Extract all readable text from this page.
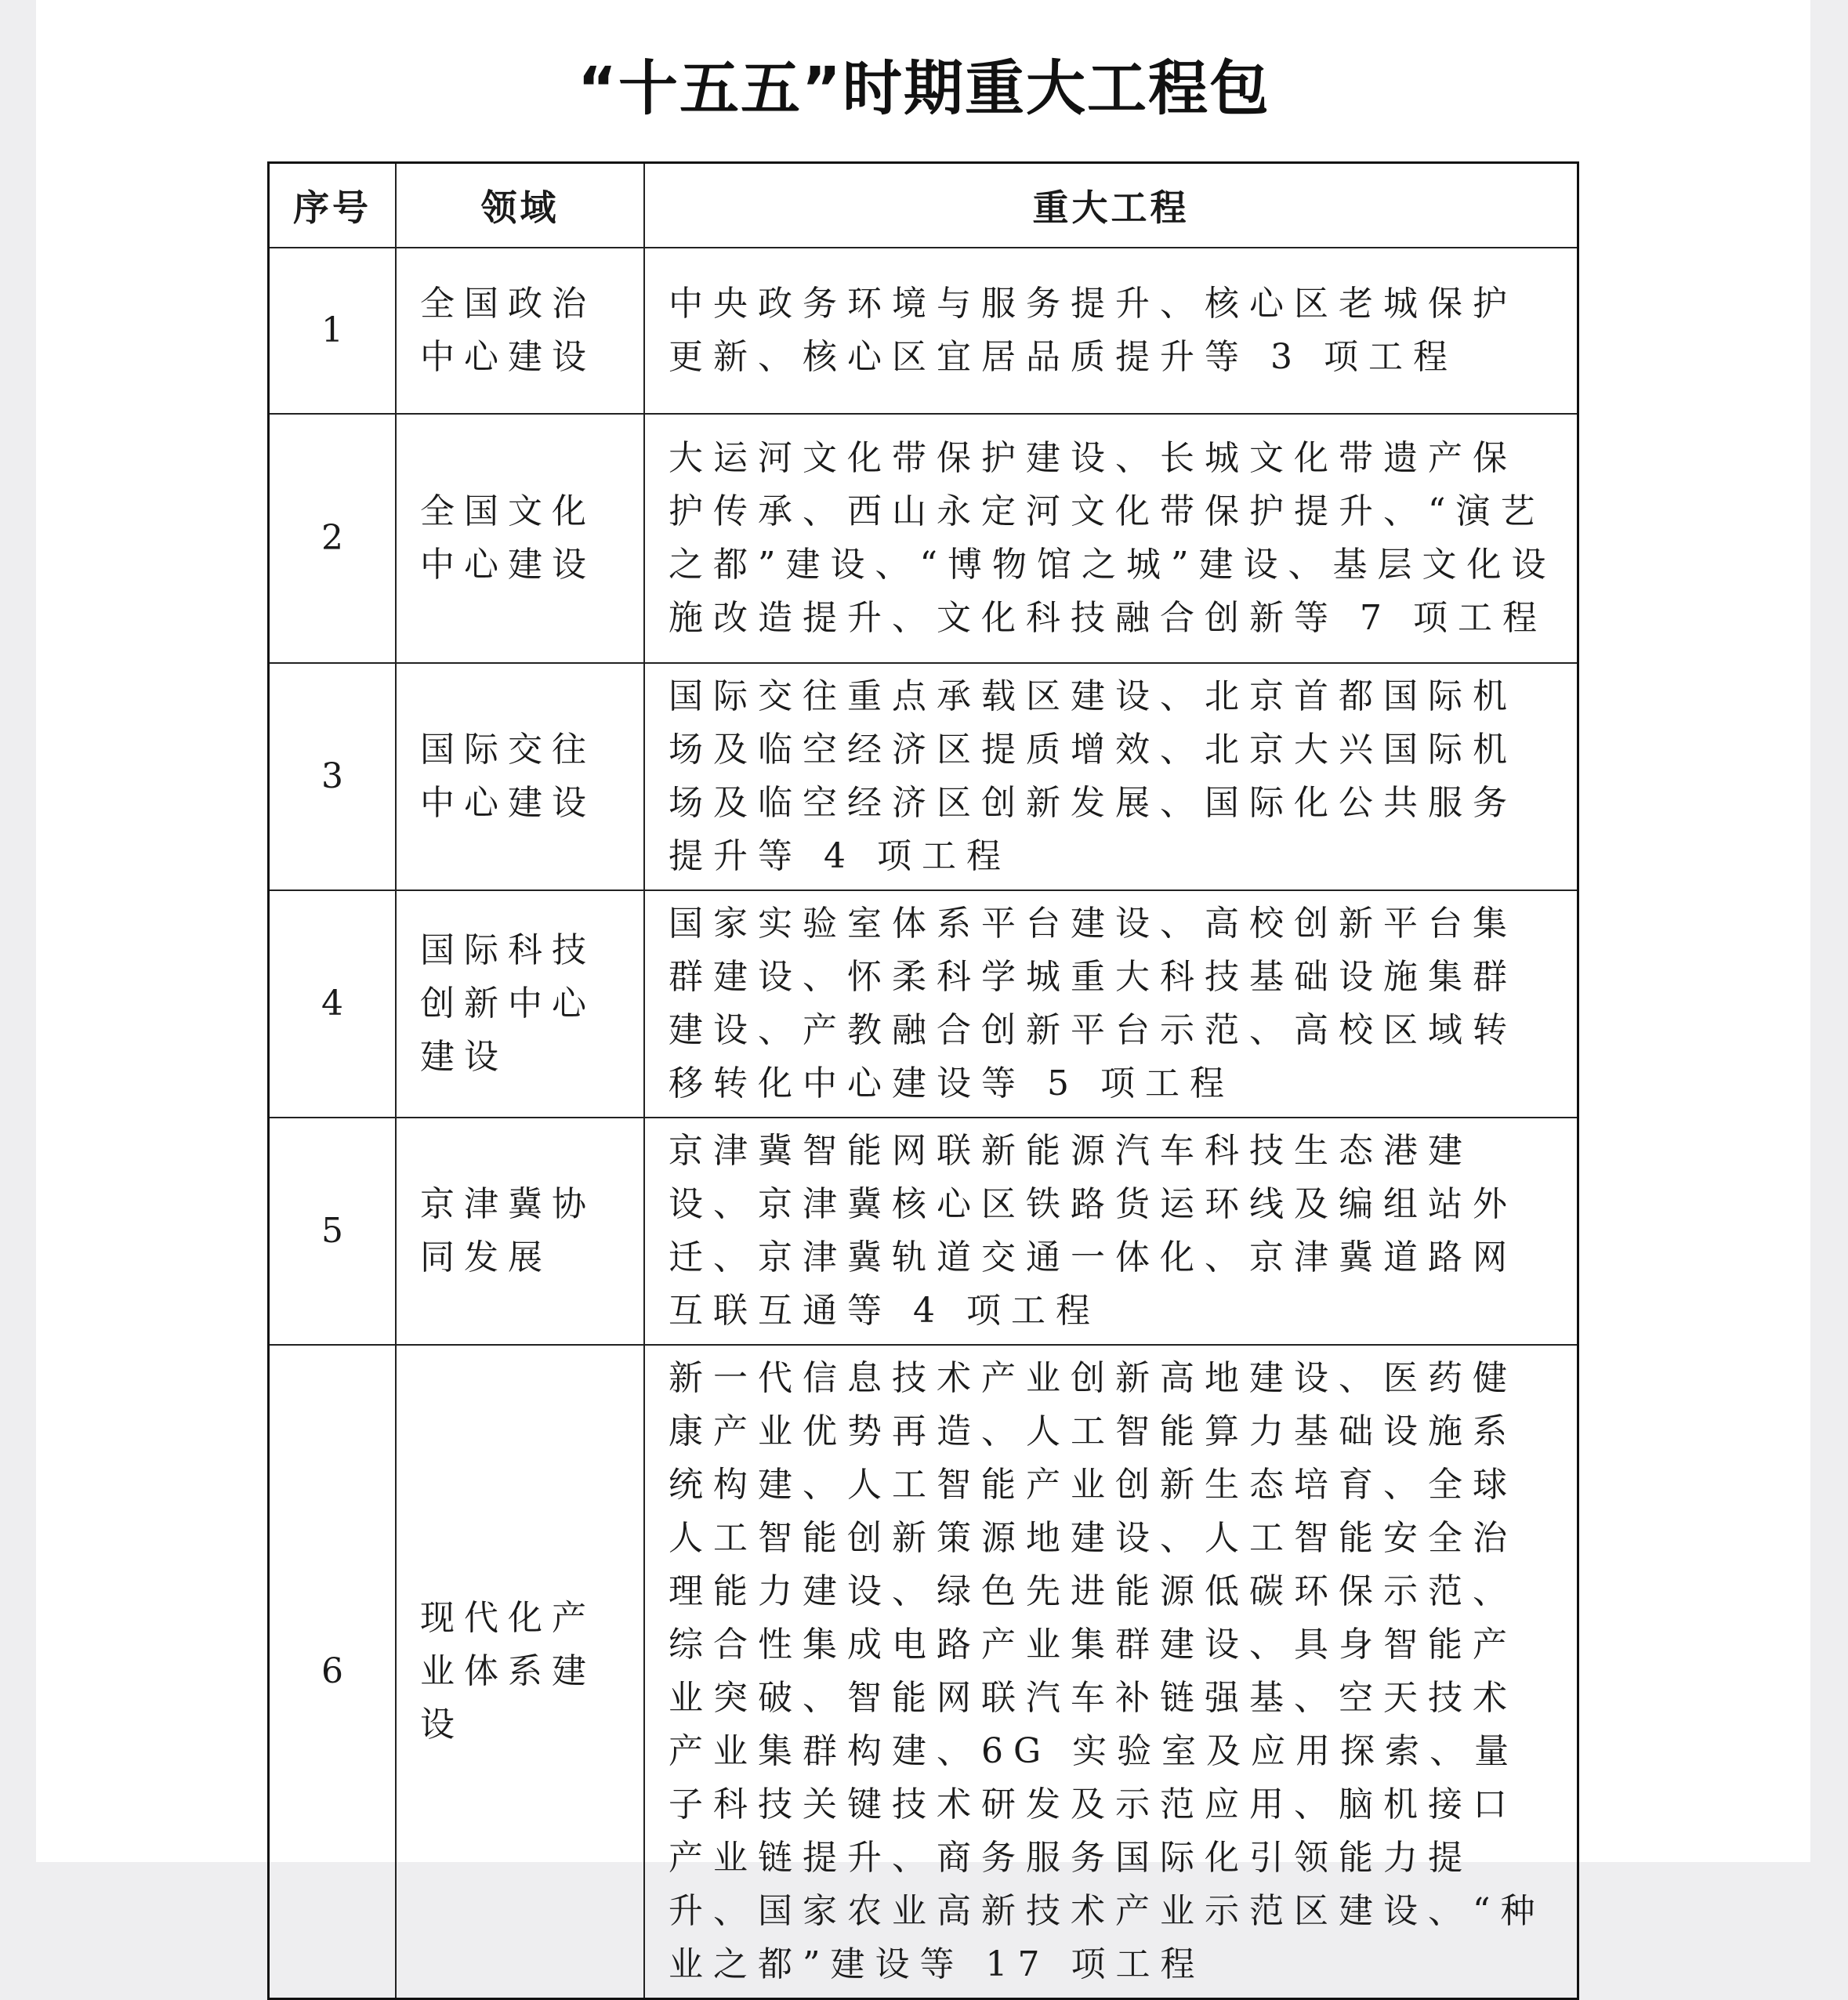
“十五五”时期重大工程包
序号	领域	重大工程
1	全国政治中心建设	中央政务环境与服务提升、核心区老城保护更新、核心区宜居品质提升等 3 项工程
2	全国文化中心建设	大运河文化带保护建设、长城文化带遗产保护传承、西山永定河文化带保护提升、“演艺之都”建设、“博物馆之城”建设、基层文化设施改造提升、文化科技融合创新等 7 项工程
3	国际交往中心建设	国际交往重点承载区建设、北京首都国际机场及临空经济区提质增效、北京大兴国际机场及临空经济区创新发展、国际化公共服务提升等 4 项工程
4	国际科技创新中心建设	国家实验室体系平台建设、高校创新平台集群建设、怀柔科学城重大科技基础设施集群建设、产教融合创新平台示范、高校区域转移转化中心建设等 5 项工程
5	京津冀协同发展	京津冀智能网联新能源汽车科技生态港建设、京津冀核心区铁路货运环线及编组站外迁、京津冀轨道交通一体化、京津冀道路网互联互通等 4 项工程
6	现代化产业体系建设	新一代信息技术产业创新高地建设、医药健康产业优势再造、人工智能算力基础设施系统构建、人工智能产业创新生态培育、全球人工智能创新策源地建设、人工智能安全治理能力建设、绿色先进能源低碳环保示范、综合性集成电路产业集群建设、具身智能产业突破、智能网联汽车补链强基、空天技术产业集群构建、6G 实验室及应用探索、量子科技关键技术研发及示范应用、脑机接口产业链提升、商务服务国际化引领能力提升、国家农业高新技术产业示范区建设、“种业之都”建设等 17 项工程
